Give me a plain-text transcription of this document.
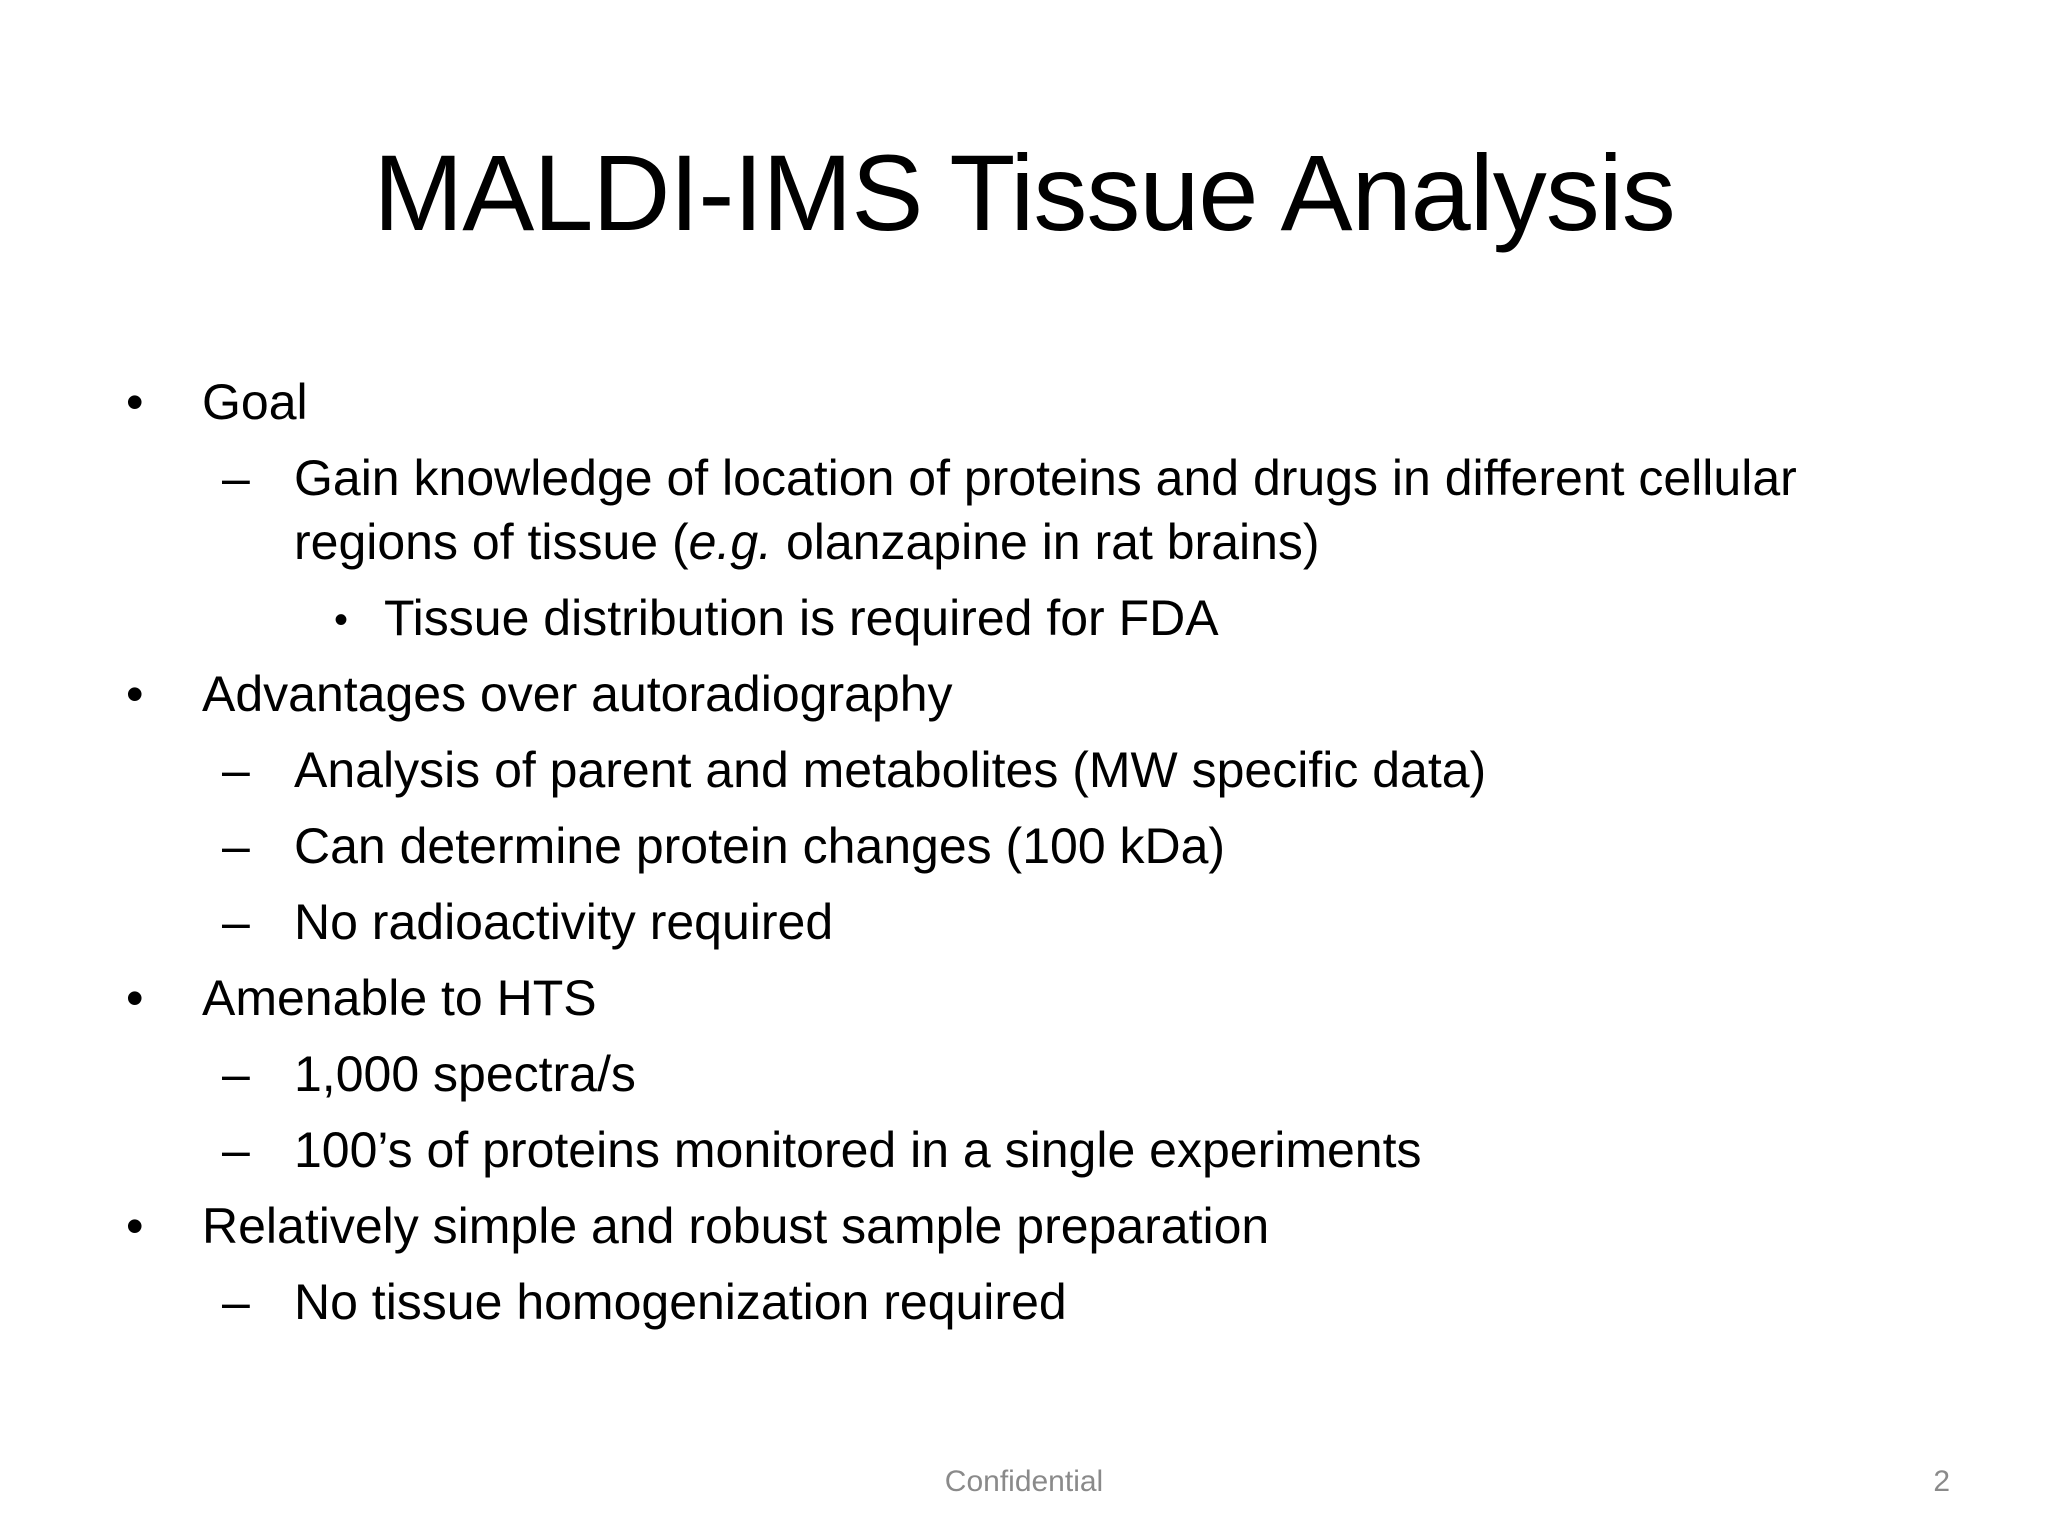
MALDI-IMS Tissue Analysis
• Goal
– Gain knowledge of location of proteins and drugs in different cellular
regions of tissue (e.g. olanzapine in rat brains)
• Tissue distribution is required for FDA
• Advantages over autoradiography
– Analysis of parent and metabolites (MW specific data)
– Can determine protein changes (100 kDa)
– No radioactivity required
• Amenable to HTS
– 1,000 spectra/s
– 100’s of proteins monitored in a single experiments
• Relatively simple and robust sample preparation
– No tissue homogenization required
Confidential	2
